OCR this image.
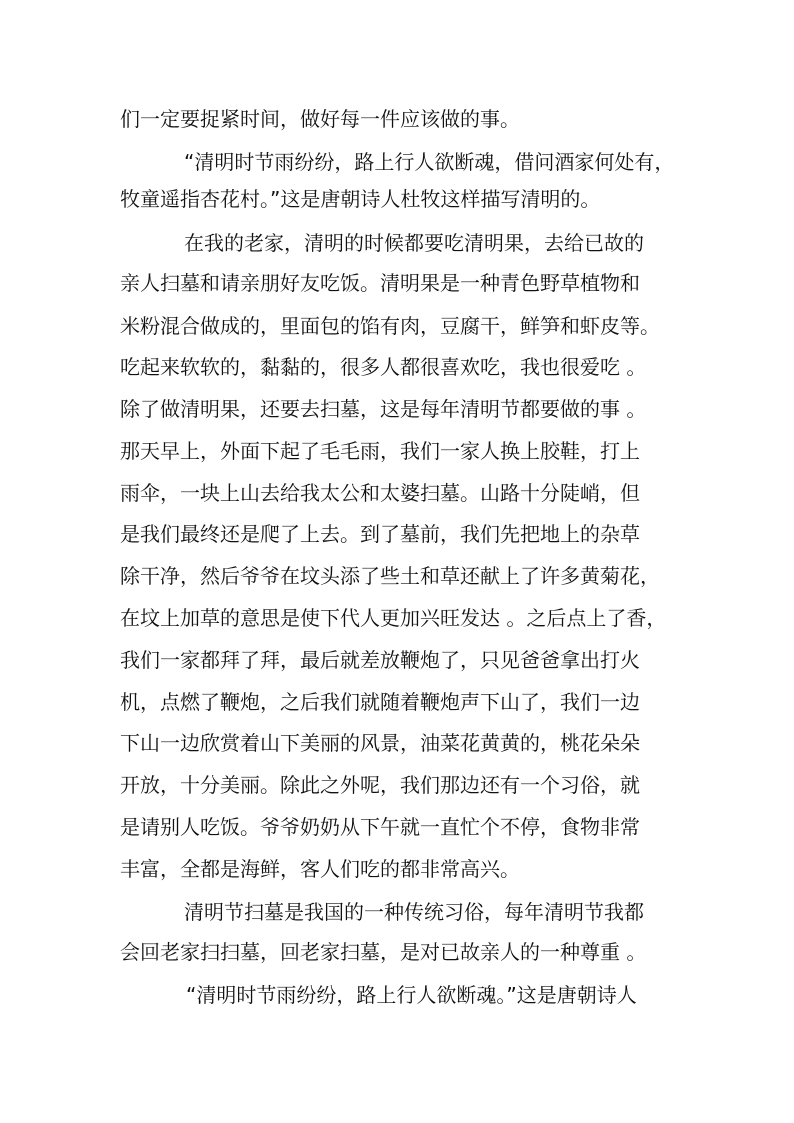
们一定要捉紧时间，做好每一件应该做的事。
“清明时节雨纷纷，路上行人欲断魂，借问酒家何处有，
牧童遥指杏花村。”这是唐朝诗人杜牧这样描写清明的。
在我的老家，清明的时候都要吃清明果，去给已故的
亲人扫墓和请亲朋好友吃饭。清明果是一种青色野草植物和
米粉混合做成的，里面包的馅有肉，豆腐干，鲜笋和虾皮等。
吃起来软软的，黏黏的，很多人都很喜欢吃，我也很爱吃 。
除了做清明果，还要去扫墓，这是每年清明节都要做的事 。
那天早上，外面下起了毛毛雨，我们一家人换上胶鞋，打上
雨伞，一块上山去给我太公和太婆扫墓。山路十分陡峭，但
是我们最终还是爬了上去。到了墓前，我们先把地上的杂草
除干净，然后爷爷在坟头添了些土和草还献上了许多黄菊花，
在坟上加草的意思是使下代人更加兴旺发达 。之后点上了香，
我们一家都拜了拜，最后就差放鞭炮了，只见爸爸拿出打火
机，点燃了鞭炮，之后我们就随着鞭炮声下山了，我们一边
下山一边欣赏着山下美丽的风景，油菜花黄黄的，桃花朵朵
开放，十分美丽。除此之外呢，我们那边还有一个习俗，就
是请别人吃饭。爷爷奶奶从下午就一直忙个不停，食物非常
丰富，全都是海鲜，客人们吃的都非常高兴。
清明节扫墓是我国的一种传统习俗，每年清明节我都
会回老家扫扫墓，回老家扫墓，是对已故亲人的一种尊重 。
“清明时节雨纷纷，路上行人欲断魂。”这是唐朝诗人
